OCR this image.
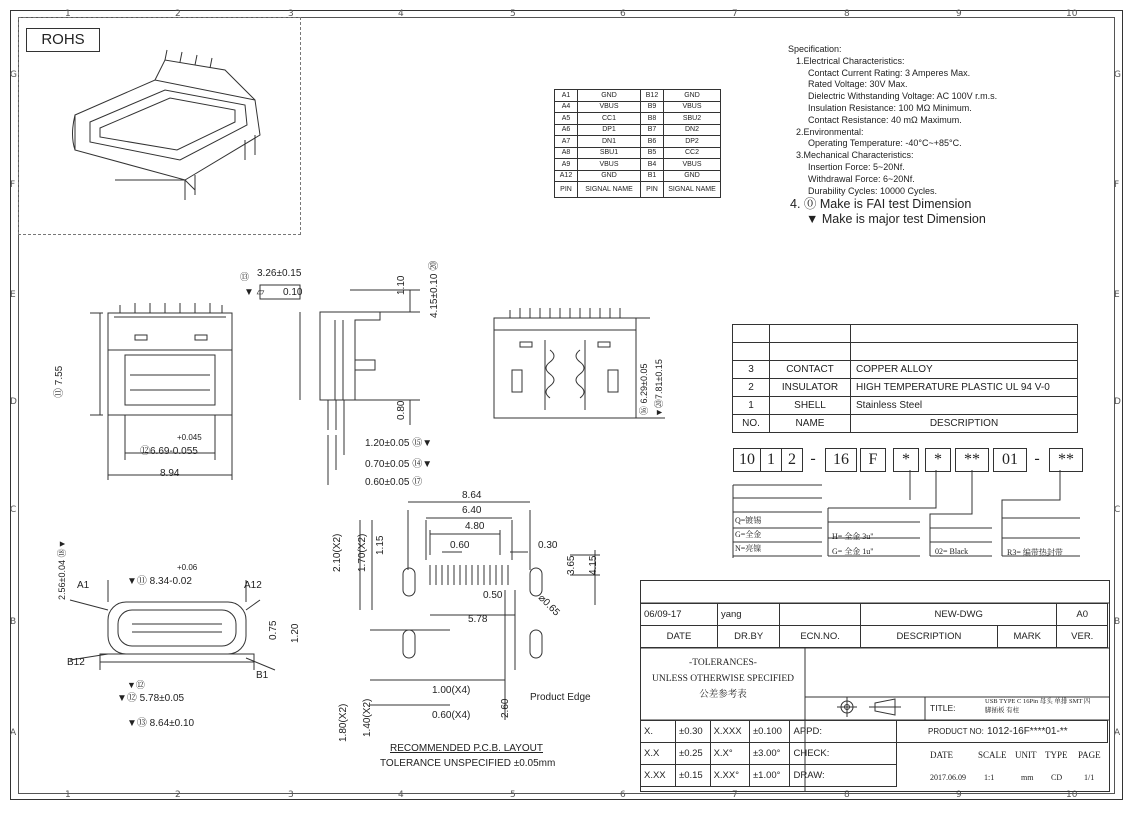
1	2	3	4	5	6	7	8	9	10
1	2	3	4	5	6	7	8	9	10
G	G
F	F
E	E
D	D
C	C
B	B
A	A
ROHS
A1	GND	B12	GND
A4	VBUS	B9	VBUS
A5	CC1	B8	SBU2
A6	DP1	B7	DN2
A7	DN1	B6	DP2
A8	SBU1	B5	CC2
A9	VBUS	B4	VBUS
A12	GND	B1	GND
PIN	SIGNAL NAME	PIN	SIGNAL NAME
Specification:
1.Electrical Characteristics:
Contact Current Rating: 3 Amperes Max.
Rated Voltage: 30V Max.
Dielectric Withstanding Voltage: AC 100V r.m.s.
Insulation Resistance: 100 MΩ Minimum.
Contact Resistance: 40 mΩ Maximum.
2.Environmental:
Operating Temperature: -40°C~+85°C.
3.Mechanical Characteristics:
Insertion Force: 5~20Nf.
Withdrawal Force: 6~20Nf.
Durability Cycles: 10000 Cycles.
4. ⓪ Make is FAI test Dimension
▼ Make is major test Dimension

3	CONTACT	COPPER ALLOY
2	INSULATOR	HIGH TEMPERATURE PLASTIC UL 94 V-0
1	SHELL	Stainless Steel
NO.	NAME	DESCRIPTION
10 1 2 -	16	F	*	*	**	01	-	**
Q=镀锡
G=全金
N=亮镍
H= 全金 3u"
G= 全金 1u"	02= Black	R3= 编带热封带
⑪ 7.55
+0.045
⑫6.69-0.055
8.94
⑬ 3.26±0.15
▼ ▱ 0.10	1.10	4.15±0.10 ⑳
0.80
1.20±0.05 ⑮▼
0.70±0.05 ⑭▼
0.60±0.05 ⑰
⑯ 6.29±0.05
▼⑳7.81±0.15
2.56±0.04 ⑱▼
+0.06
▼⑪ 8.34-0.02
A1	A12
B12
B1
0.75 1.20
▼⑫
▼⑫ 5.78±0.05
▼⑬ 8.64±0.10
8.64
6.40
4.80
0.60	0.30
0.50
5.78
⌀0.65
2.10(X2) 1.70(X2) 1.15
3.65 4.15
1.00(X4)
0.60(X4)	2.60
1.80(X2) 1.40(X2)
Product Edge
RECOMMENDED P.C.B. LAYOUT
TOLERANCE UNSPECIFIED ±0.05mm
06/09-17	yang		NEW-DWG		A0
DATE	DR.BY	ECN.NO.	DESCRIPTION	MARK	VER.
-TOLERANCES-
UNLESS OTHERWISE SPECIFIED
公差参考表
TITLE:
USB TYPE C 16Pin 母头 单排 SMT 四脚插板 有柱
X.	±0.30	X.XXX	±0.100	APPD:	
X.X	±0.25	X.X°	±3.00°	CHECK:	
X.XX	±0.15	X.XX°	±1.00°	DRAW:	
PRODUCT NO: 1012-16F****01-**
DATE	SCALE UNIT TYPE PAGE
2017.06.09 1:1	mm CD	1/1
